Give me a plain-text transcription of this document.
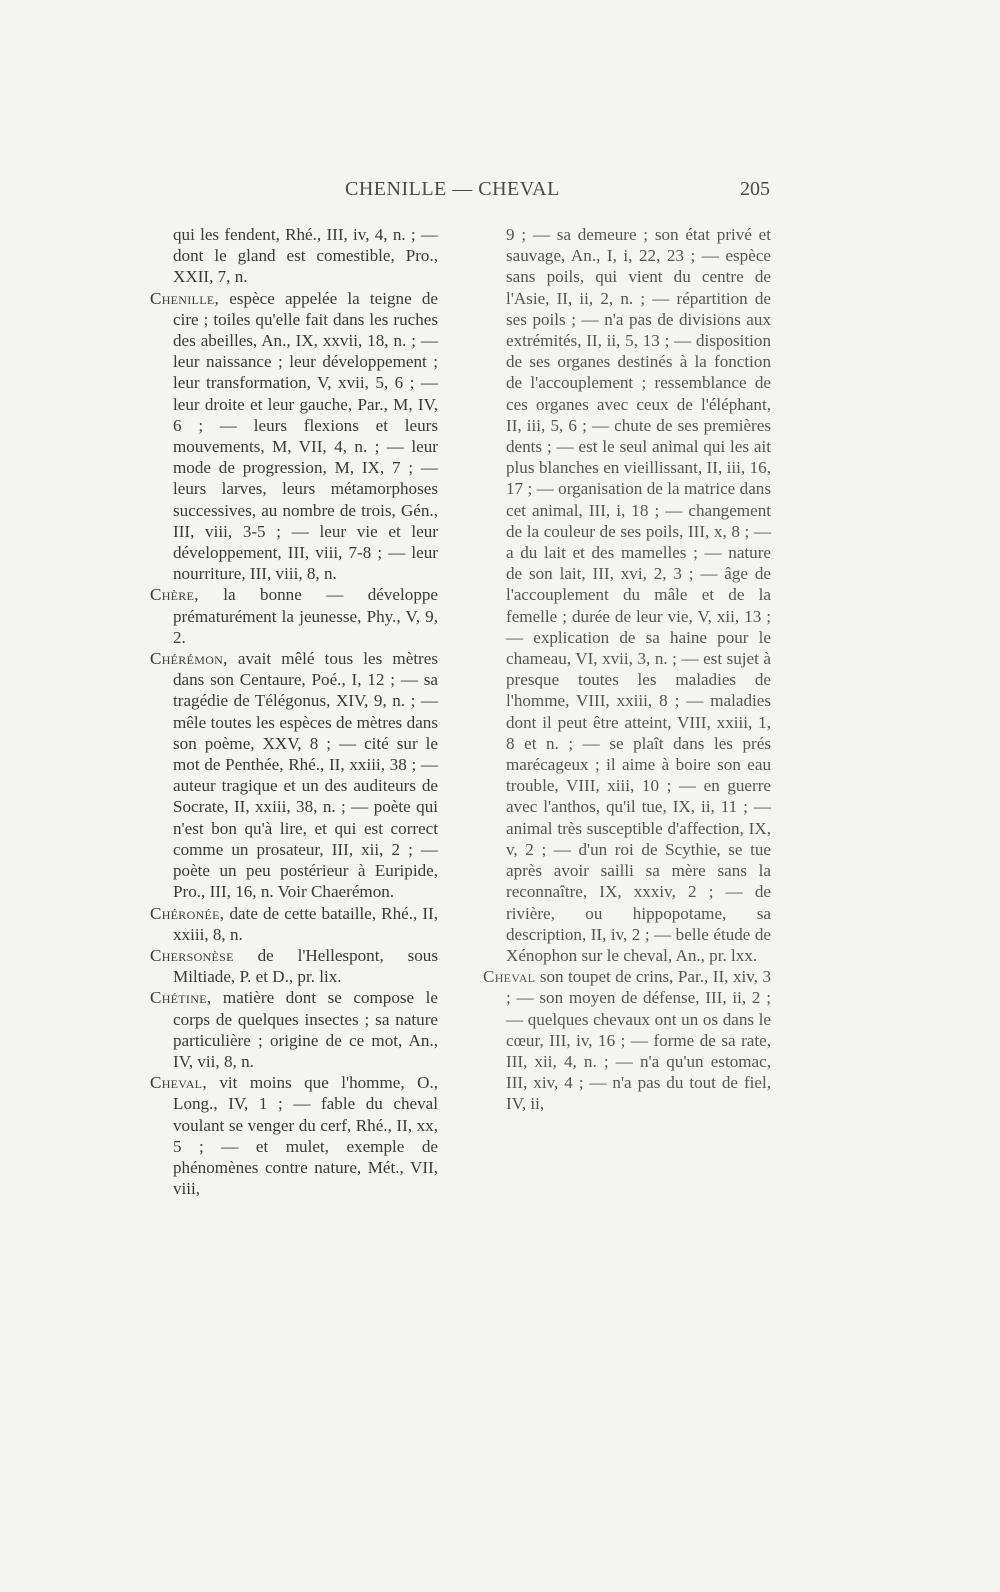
CHENILLE — CHEVAL	205

qui les fendent, Rhé., III, iv, 4, n. ; — dont le gland est comestible, Pro., XXII, 7, n.

Chenille, espèce appelée la teigne de cire ; toiles qu'elle fait dans les ruches des abeilles, An., IX, xxvii, 18, n. ; — leur naissance ; leur développement ; leur transformation, V, xvii, 5, 6 ; — leur droite et leur gauche, Par., M, IV, 6 ; — leurs flexions et leurs mouvements, M, VII, 4, n. ; — leur mode de progression, M, IX, 7 ; — leurs larves, leurs métamorphoses successives, au nombre de trois, Gén., III, viii, 3-5 ; — leur vie et leur développement, III, viii, 7-8 ; — leur nourriture, III, viii, 8, n.

Chère, la bonne — développe prématurément la jeunesse, Phy., V, 9, 2.

Chérémon, avait mêlé tous les mètres dans son Centaure, Poé., I, 12 ; — sa tragédie de Télégonus, XIV, 9, n. ; — mêle toutes les espèces de mètres dans son poème, XXV, 8 ; — cité sur le mot de Penthée, Rhé., II, xxiii, 38 ; — auteur tragique et un des auditeurs de Socrate, II, xxiii, 38, n. ; — poète qui n'est bon qu'à lire, et qui est correct comme un prosateur, III, xii, 2 ; — poète un peu postérieur à Euripide, Pro., III, 16, n. Voir Chaerémon.

Chéronée, date de cette bataille, Rhé., II, xxiii, 8, n.

Chersonèse de l'Hellespont, sous Miltiade, P. et D., pr. lix.

Chétine, matière dont se compose le corps de quelques insectes ; sa nature particulière ; origine de ce mot, An., IV, vii, 8, n.

Cheval, vit moins que l'homme, O., Long., IV, 1 ; — fable du cheval voulant se venger du cerf, Rhé., II, xx, 5 ; — et mulet, exemple de phénomènes contre nature, Mét., VII, viii,

9 ; — sa demeure ; son état privé et sauvage, An., I, i, 22, 23 ; — espèce sans poils, qui vient du centre de l'Asie, II, ii, 2, n. ; — répartition de ses poils ; — n'a pas de divisions aux extrémités, II, ii, 5, 13 ; — disposition de ses organes destinés à la fonction de l'accouplement ; ressemblance de ces organes avec ceux de l'éléphant, II, iii, 5, 6 ; — chute de ses premières dents ; — est le seul animal qui les ait plus blanches en vieillissant, II, iii, 16, 17 ; — organisation de la matrice dans cet animal, III, i, 18 ; — changement de la couleur de ses poils, III, x, 8 ; — a du lait et des mamelles ; — nature de son lait, III, xvi, 2, 3 ; — âge de l'accouplement du mâle et de la femelle ; durée de leur vie, V, xii, 13 ; — explication de sa haine pour le chameau, VI, xvii, 3, n. ; — est sujet à presque toutes les maladies de l'homme, VIII, xxiii, 8 ; — maladies dont il peut être atteint, VIII, xxiii, 1, 8 et n. ; — se plaît dans les prés marécageux ; il aime à boire son eau trouble, VIII, xiii, 10 ; — en guerre avec l'anthos, qu'il tue, IX, ii, 11 ; — animal très susceptible d'affection, IX, v, 2 ; — d'un roi de Scythie, se tue après avoir sailli sa mère sans la reconnaître, IX, xxxiv, 2 ; — de rivière, ou hippopotame, sa description, II, iv, 2 ; — belle étude de Xénophon sur le cheval, An., pr. lxx.

Cheval son toupet de crins, Par., II, xiv, 3 ; — son moyen de défense, III, ii, 2 ; — quelques chevaux ont un os dans le cœur, III, iv, 16 ; — forme de sa rate, III, xii, 4, n. ; — n'a qu'un estomac, III, xiv, 4 ; — n'a pas du tout de fiel, IV, ii,
